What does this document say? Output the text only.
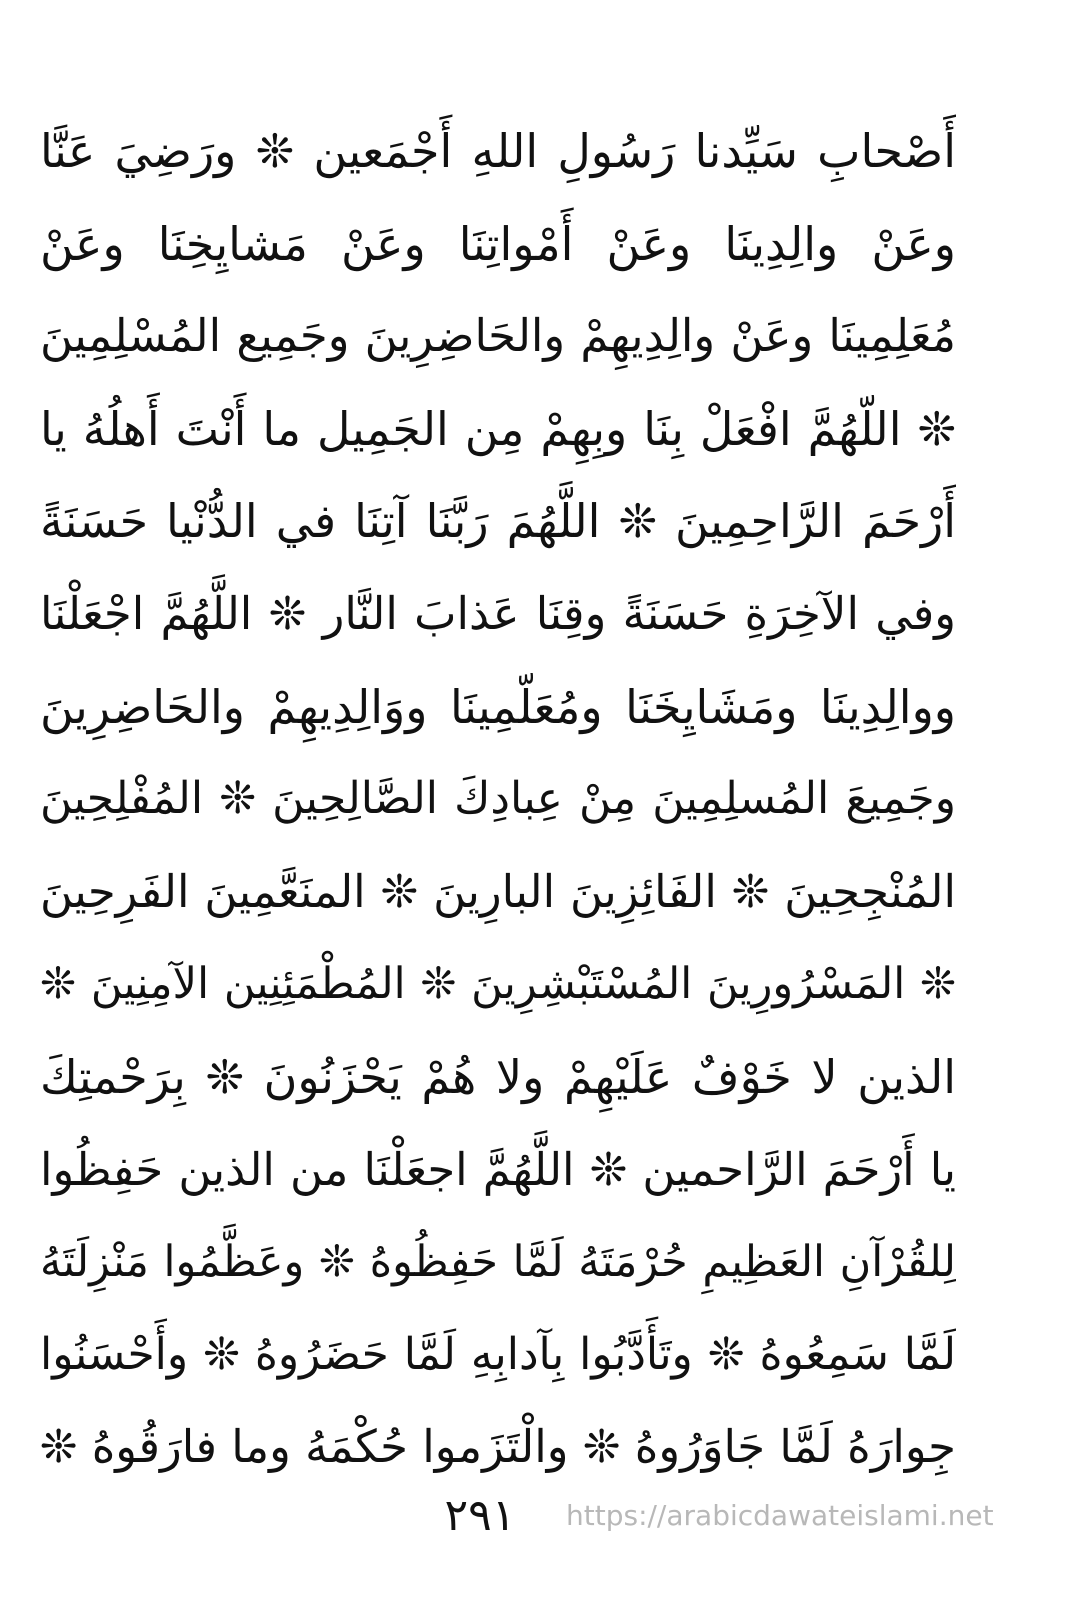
أَصْحابِ سَيِّدنا رَسُولِ اللهِ أَجْمَعين ❊ ورَضِيَ عَنَّا
وعَنْ والِدِينَا وعَنْ أَمْواتِنَا وعَنْ مَشايِخِنَا وعَنْ
مُعَلِمِينَا وعَنْ والِدِيهِمْ والحَاضِرِينَ وجَمِيع المُسْلِمِينَ
❊ اللّهُمَّ افْعَلْ بِنَا وبِهِمْ مِن الجَمِيل ما أَنْتَ أَهلُهُ يا
أَرْحَمَ الرَّاحِمِينَ ❊ اللَّهُمَ رَبَّنَا آتِنَا في الدُّنْيا حَسَنَةً
وفي الآخِرَةِ حَسَنَةً وقِنَا عَذابَ النَّار ❊ اللَّهُمَّ اجْعَلْنَا
ووالِدِينَا ومَشَايِخَنَا ومُعَلّمِينَا ووَالِدِيهِمْ والحَاضِرِينَ
وجَمِيعَ المُسلِمِينَ مِنْ عِبادِكَ الصَّالِحِينَ ❊ المُفْلِحِينَ
المُنْجِحِينَ ❊ الفَائِزِينَ البارِينَ ❊ المنَعَّمِينَ الفَرِحِينَ
❊ المَسْرُورِينَ المُسْتَبْشِرِينَ ❊ المُطْمَئِنِين الآمِنِينَ ❊
الذين لا خَوْفٌ عَلَيْهِمْ ولا هُمْ يَحْزَنُونَ ❊ بِرَحْمتِكَ
يا أَرْحَمَ الرَّاحمين ❊ اللَّهُمَّ اجعَلْنَا من الذين حَفِظُوا
لِلقُرْآنِ العَظِيمِ حُرْمَتَهُ لَمَّا حَفِظُوهُ ❊ وعَظَّمُوا مَنْزِلَتَهُ
لَمَّا سَمِعُوهُ ❊ وتَأَدَّبُوا بِآدابِهِ لَمَّا حَضَرُوهُ ❊ وأَحْسَنُوا
جِوارَهُ لَمَّا جَاوَرُوهُ ❊ والْتَزَموا حُكْمَهُ وما فارَقُوهُ ❊
٢٩١	https://arabicdawateislami.net
